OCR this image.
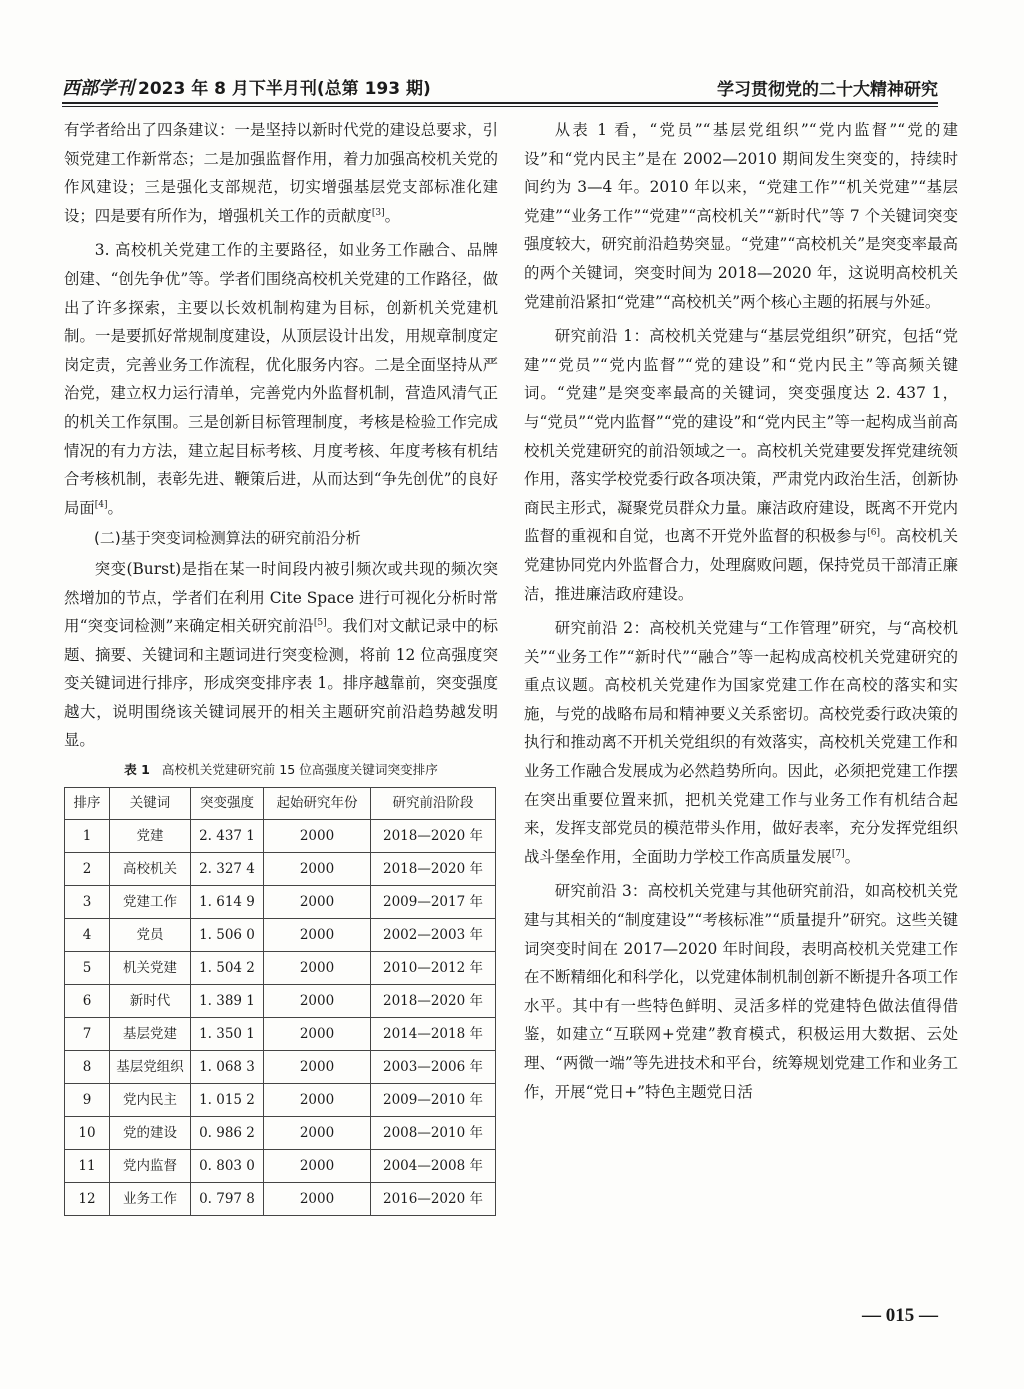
西部学刊 2023 年 8 月下半月刊(总第 193 期)	学习贯彻党的二十大精神研究

有学者给出了四条建议：一是坚持以新时代党的建设总要求，引领党建工作新常态；二是加强监督作用，着力加强高校机关党的作风建设；三是强化支部规范，切实增强基层党支部标准化建设；四是要有所作为，增强机关工作的贡献度[3]。

3. 高校机关党建工作的主要路径，如业务工作融合、品牌创建、“创先争优”等。学者们围绕高校机关党建的工作路径，做出了许多探索，主要以长效机制构建为目标，创新机关党建机制。一是要抓好常规制度建设，从顶层设计出发，用规章制度定岗定责，完善业务工作流程，优化服务内容。二是全面坚持从严治党，建立权力运行清单，完善党内外监督机制，营造风清气正的机关工作氛围。三是创新目标管理制度，考核是检验工作完成情况的有力方法，建立起目标考核、月度考核、年度考核有机结合考核机制，表彰先进、鞭策后进，从而达到“争先创优”的良好局面[4]。

(二)基于突变词检测算法的研究前沿分析

突变(Burst)是指在某一时间段内被引频次或共现的频次突然增加的节点，学者们在利用 Cite Space 进行可视化分析时常用“突变词检测”来确定相关研究前沿[5]。我们对文献记录中的标题、摘要、关键词和主题词进行突变检测，将前 12 位高强度突变关键词进行排序，形成突变排序表 1。排序越靠前，突变强度越大，说明围绕该关键词展开的相关主题研究前沿趋势越发明显。

表 1 高校机关党建研究前 15 位高强度关键词突变排序
排序	关键词	突变强度	起始研究年份	研究前沿阶段
1	党建	2. 437 1	2000	2018—2020 年
2	高校机关	2. 327 4	2000	2018—2020 年
3	党建工作	1. 614 9	2000	2009—2017 年
4	党员	1. 506 0	2000	2002—2003 年
5	机关党建	1. 504 2	2000	2010—2012 年
6	新时代	1. 389 1	2000	2018—2020 年
7	基层党建	1. 350 1	2000	2014—2018 年
8	基层党组织	1. 068 3	2000	2003—2006 年
9	党内民主	1. 015 2	2000	2009—2010 年
10	党的建设	0. 986 2	2000	2008—2010 年
11	党内监督	0. 803 0	2000	2004—2008 年
12	业务工作	0. 797 8	2000	2016—2020 年

从表 1 看，“党员”“基层党组织”“党内监督”“党的建设”和“党内民主”是在 2002—2010 期间发生突变的，持续时间约为 3—4 年。2010 年以来，“党建工作”“机关党建”“基层党建”“业务工作”“党建”“高校机关”“新时代”等 7 个关键词突变强度较大，研究前沿趋势突显。“党建”“高校机关”是突变率最高的两个关键词，突变时间为 2018—2020 年，这说明高校机关党建前沿紧扣“党建”“高校机关”两个核心主题的拓展与外延。

研究前沿 1：高校机关党建与“基层党组织”研究，包括“党建”“党员”“党内监督”“党的建设”和“党内民主”等高频关键词。“党建”是突变率最高的关键词，突变强度达 2. 437 1，与“党员”“党内监督”“党的建设”和“党内民主”等一起构成当前高校机关党建研究的前沿领域之一。高校机关党建要发挥党建统领作用，落实学校党委行政各项决策，严肃党内政治生活，创新协商民主形式，凝聚党员群众力量。廉洁政府建设，既离不开党内监督的重视和自觉，也离不开党外监督的积极参与[6]。高校机关党建协同党内外监督合力，处理腐败问题，保持党员干部清正廉洁，推进廉洁政府建设。

研究前沿 2：高校机关党建与“工作管理”研究，与“高校机关”“业务工作”“新时代”“融合”等一起构成高校机关党建研究的重点议题。高校机关党建作为国家党建工作在高校的落实和实施，与党的战略布局和精神要义关系密切。高校党委行政决策的执行和推动离不开机关党组织的有效落实，高校机关党建工作和业务工作融合发展成为必然趋势所向。因此，必须把党建工作摆在突出重要位置来抓，把机关党建工作与业务工作有机结合起来，发挥支部党员的模范带头作用，做好表率，充分发挥党组织战斗堡垒作用，全面助力学校工作高质量发展[7]。

研究前沿 3：高校机关党建与其他研究前沿，如高校机关党建与其相关的“制度建设”“考核标准”“质量提升”研究。这些关键词突变时间在 2017—2020 年时间段，表明高校机关党建工作在不断精细化和科学化，以党建体制机制创新不断提升各项工作水平。其中有一些特色鲜明、灵活多样的党建特色做法值得借鉴，如建立“互联网+党建”教育模式，积极运用大数据、云处理、“两微一端”等先进技术和平台，统筹规划党建工作和业务工作，开展“党日+”特色主题党日活

— 015 —
